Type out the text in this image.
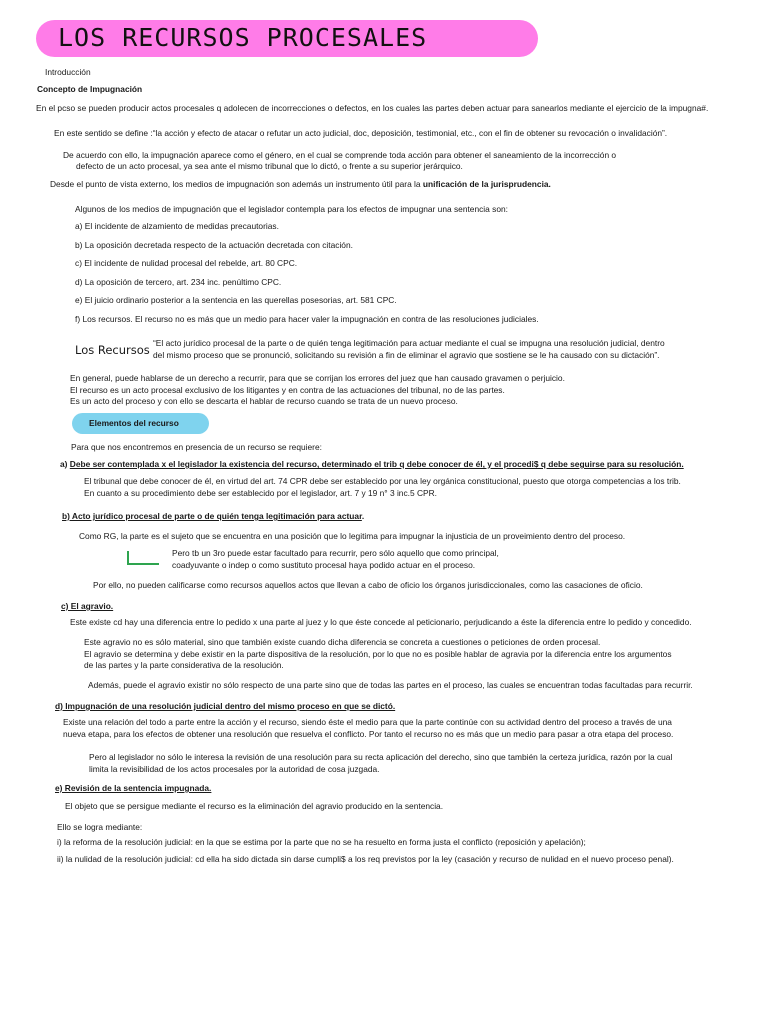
LOS RECURSOS PROCESALES
Introducción
Concepto de Impugnación
En el pcso se pueden producir actos procesales q adolecen de incorrecciones o defectos, en los cuales las partes deben actuar para sanearlos mediante el ejercicio de la impugna#.
En este sentido se define :“la acción y efecto de atacar o refutar un acto judicial, doc, deposición, testimonial, etc., con el fin de obtener su revocación o invalidación”.
De acuerdo con ello, la impugnación aparece como el género, en el cual se comprende toda acción para obtener el saneamiento de la incorrección o
defecto de un acto procesal, ya sea ante el mismo tribunal que lo dictó, o frente a su superior jerárquico.
Desde el punto de vista externo, los medios de impugnación son además un instrumento útil para la unificación de la jurisprudencia.
Algunos de los medios de impugnación que el legislador contempla para los efectos de impugnar una sentencia son:
a) El incidente de alzamiento de medidas precautorias.
b) La oposición decretada respecto de la actuación decretada con citación.
c) El incidente de nulidad procesal del rebelde, art. 80 CPC.
d) La oposición de tercero, art. 234 inc. penúltimo CPC.
e) El juicio ordinario posterior a la sentencia en las querellas posesorias, art. 581 CPC.
f) Los recursos. El recurso no es más que un medio para hacer valer la impugnación en contra de las resoluciones judiciales.
Los Recursos “El acto jurídico procesal de la parte o de quién tenga legitimación para actuar mediante el cual se impugna una resolución judicial, dentro
del mismo proceso que se pronunció, solicitando su revisión a fin de eliminar el agravio que sostiene se le ha causado con su dictación”.
En general, puede hablarse de un derecho a recurrir, para que se corrijan los errores del juez que han causado gravamen o perjuicio.
El recurso es un acto procesal exclusivo de los litigantes y en contra de las actuaciones del tribunal, no de las partes.
Es un acto del proceso y con ello se descarta el hablar de recurso cuando se trata de un nuevo proceso.
Elementos del recurso
Para que nos encontremos en presencia de un recurso se requiere:
a) Debe ser contemplada x el legislador la existencia del recurso, determinado el trib q debe conocer de él, y el procedi$ q debe seguirse para su resolución.
El tribunal que debe conocer de él, en virtud del art. 74 CPR debe ser establecido por una ley orgánica constitucional, puesto que otorga competencias a los trib.
En cuanto a su procedimiento debe ser establecido por el legislador, art. 7 y 19 n° 3 inc.5 CPR.
b) Acto jurídico procesal de parte o de quién tenga legitimación para actuar.
Como RG, la parte es el sujeto que se encuentra en una posición que lo legitima para impugnar la injusticia de un proveimiento dentro del proceso.
Pero tb un 3ro puede estar facultado para recurrir, pero sólo aquello que como principal,
coadyuvante o indep o como sustituto procesal haya podido actuar en el proceso.
Por ello, no pueden calificarse como recursos aquellos actos que llevan a cabo de oficio los órganos jurisdiccionales, como las casaciones de oficio.
c) El agravio.
Este existe cd hay una diferencia entre lo pedido x una parte al juez y lo que éste concede al peticionario, perjudicando a éste la diferencia entre lo pedido y concedido.
Este agravio no es sólo material, sino que también existe cuando dicha diferencia se concreta a cuestiones o peticiones de orden procesal.
El agravio se determina y debe existir en la parte dispositiva de la resolución, por lo que no es posible hablar de agravia por la diferencia entre los argumentos
de las partes y la parte considerativa de la resolución.
Además, puede el agravio existir no sólo respecto de una parte sino que de todas las partes en el proceso, las cuales se encuentran todas facultadas para recurrir.
d) Impugnación de una resolución judicial dentro del mismo proceso en que se dictó.
Existe una relación del todo a parte entre la acción y el recurso, siendo éste el medio para que la parte continúe con su actividad dentro del proceso a través de una
nueva etapa, para los efectos de obtener una resolución que resuelva el conflicto. Por tanto el recurso no es más que un medio para pasar a otra etapa del proceso.
Pero al legislador no sólo le interesa la revisión de una resolución para su recta aplicación del derecho, sino que también la certeza jurídica, razón por la cual
limita la revisibilidad de los actos procesales por la autoridad de cosa juzgada.
e) Revisión de la sentencia impugnada.
El objeto que se persigue mediante el recurso es la eliminación del agravio producido en la sentencia.
Ello se logra mediante:
i) la reforma de la resolución judicial: en la que se estima por la parte que no se ha resuelto en forma justa el conflicto (reposición y apelación);
ii) la nulidad de la resolución judicial: cd ella ha sido dictada sin darse cumpli$ a los req previstos por la ley (casación y recurso de nulidad en el nuevo proceso penal).
